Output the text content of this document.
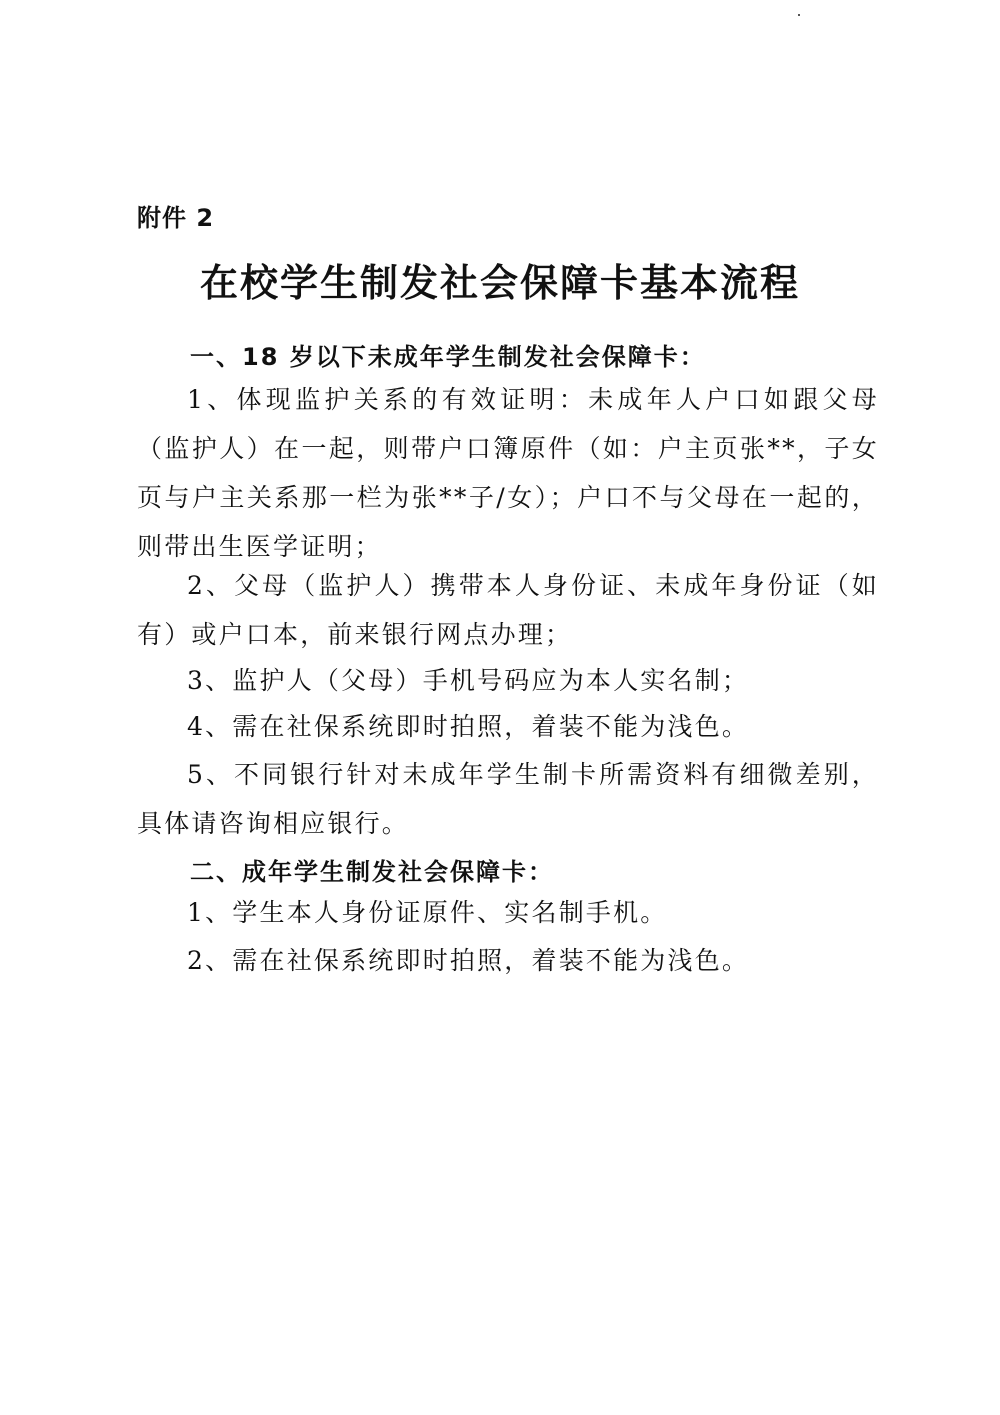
附件 2
在校学生制发社会保障卡基本流程
一、18 岁以下未成年学生制发社会保障卡：
1、体现监护关系的有效证明：未成年人户口如跟父母（监护人）在一起，则带户口簿原件（如：户主页张**，子女页与户主关系那一栏为张**子/女）；户口不与父母在一起的，则带出生医学证明；
2、父母（监护人）携带本人身份证、未成年身份证（如有）或户口本，前来银行网点办理；
3、监护人（父母）手机号码应为本人实名制；
4、需在社保系统即时拍照，着装不能为浅色。
5、不同银行针对未成年学生制卡所需资料有细微差别，具体请咨询相应银行。
二、成年学生制发社会保障卡：
1、学生本人身份证原件、实名制手机。
2、需在社保系统即时拍照，着装不能为浅色。
